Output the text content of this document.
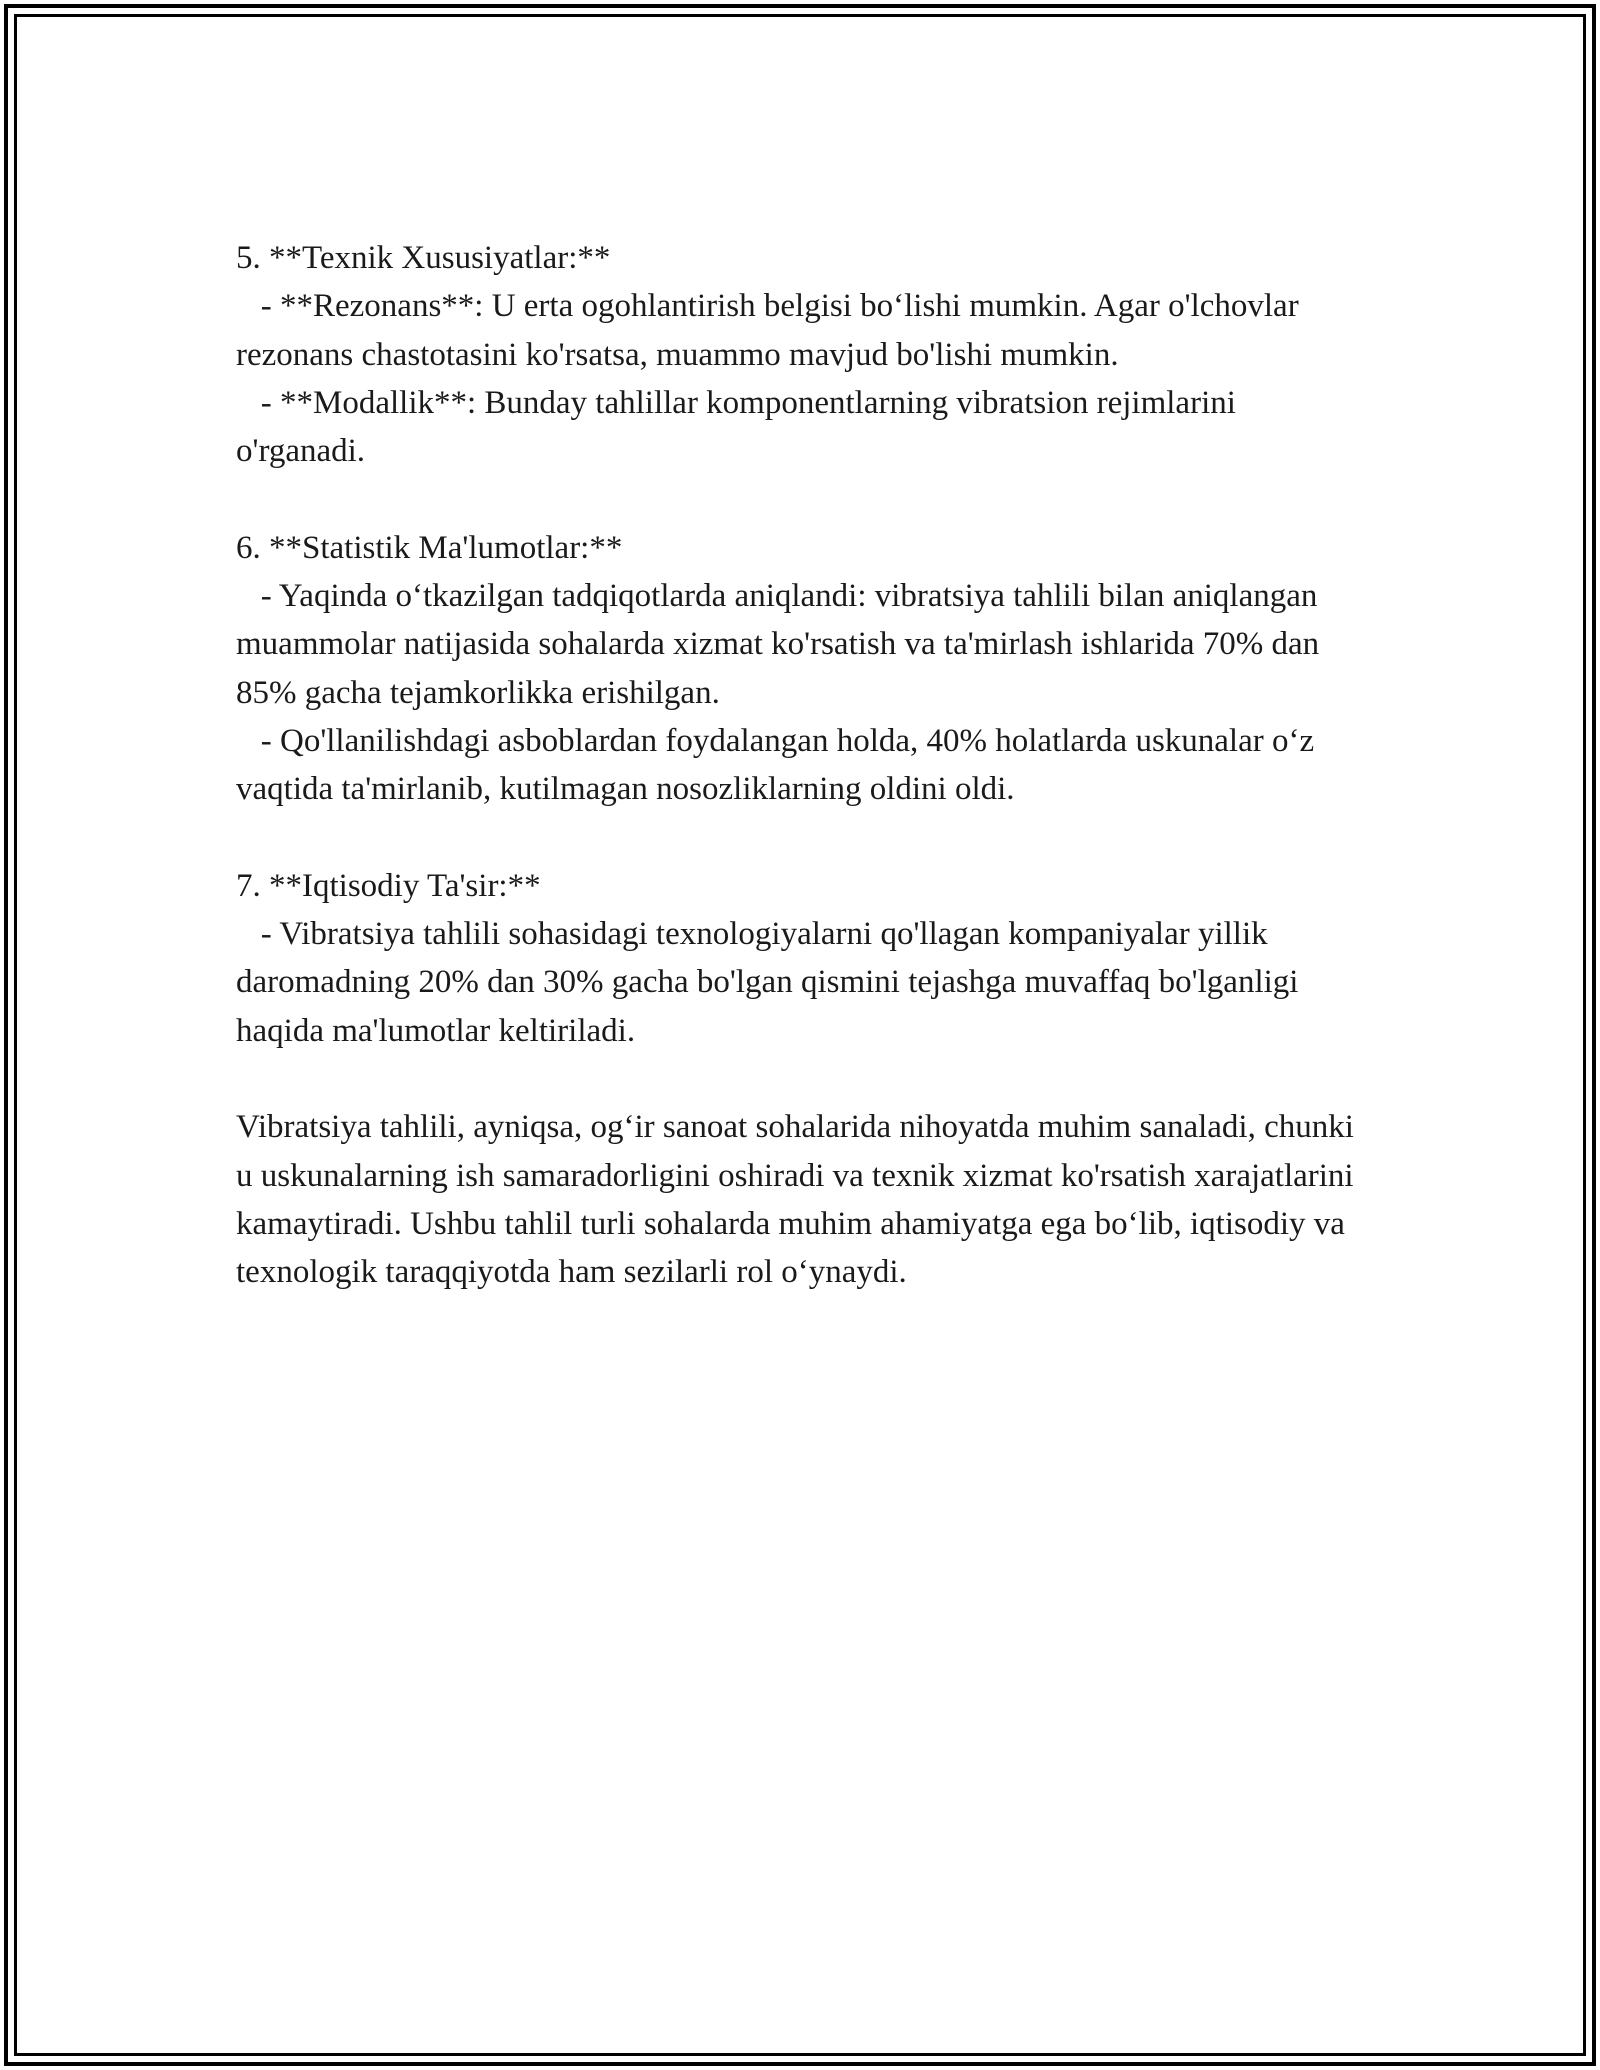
5. **Texnik Xususiyatlar:**

- **Rezonans**: U erta ogohlantirish belgisi bo‘lishi mumkin. Agar o'lchovlar rezonans chastotasini ko'rsatsa, muammo mavjud bo'lishi mumkin.

- **Modallik**: Bunday tahlillar komponentlarning vibratsion rejimlarini o'rganadi.

6. **Statistik Ma'lumotlar:**

- Yaqinda o‘tkazilgan tadqiqotlarda aniqlandi: vibratsiya tahlili bilan aniqlangan muammolar natijasida sohalarda xizmat ko'rsatish va ta'mirlash ishlarida 70% dan 85% gacha tejamkorlikka erishilgan.

- Qo'llanilishdagi asboblardan foydalangan holda, 40% holatlarda uskunalar o‘z vaqtida ta'mirlanib, kutilmagan nosozliklarning oldini oldi.

7. **Iqtisodiy Ta'sir:**

- Vibratsiya tahlili sohasidagi texnologiyalarni qo'llagan kompaniyalar yillik daromadning 20% dan 30% gacha bo'lgan qismini tejashga muvaffaq bo'lganligi haqida ma'lumotlar keltiriladi.

Vibratsiya tahlili, ayniqsa, og‘ir sanoat sohalarida nihoyatda muhim sanaladi, chunki u uskunalarning ish samaradorligini oshiradi va texnik xizmat ko'rsatish xarajatlarini kamaytiradi. Ushbu tahlil turli sohalarda muhim ahamiyatga ega bo‘lib, iqtisodiy va texnologik taraqqiyotda ham sezilarli rol o‘ynaydi.
